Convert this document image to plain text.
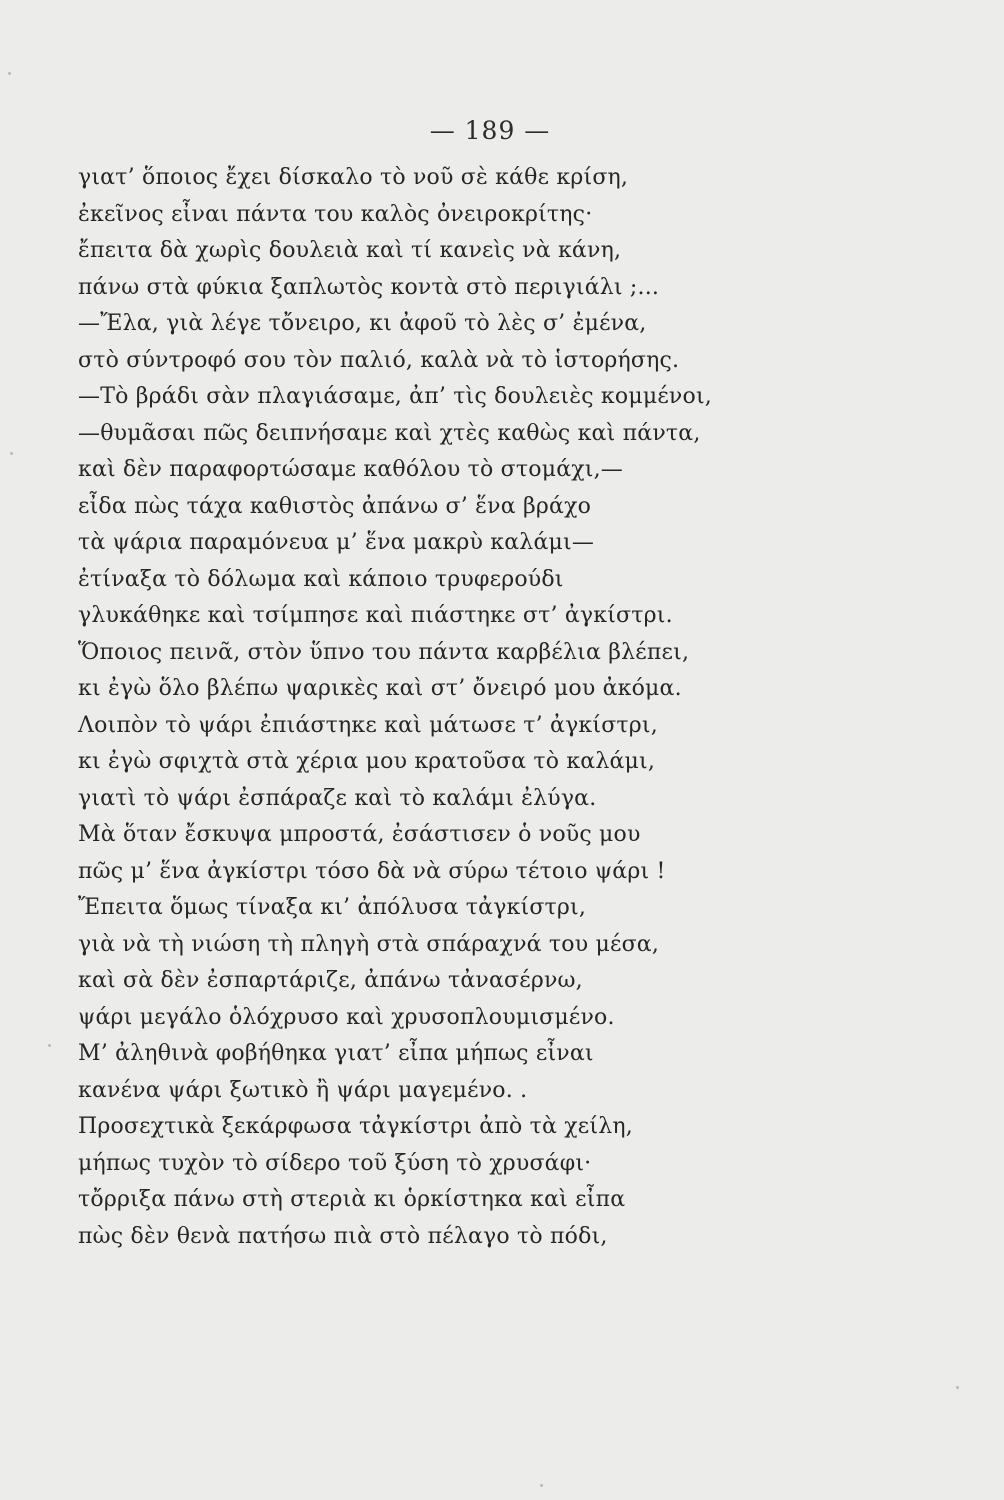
— 189 —
γιατ’ ὅποιος ἔχει δίσκαλο τὸ νοῦ σὲ κάθε κρίση,
ἐκεῖνος εἶναι πάντα του καλὸς ὀνειροκρίτης·
ἔπειτα δὰ χωρὶς δουλειὰ καὶ τί κανεὶς νὰ κάνη,
πάνω στὰ φύκια ξαπλωτὸς κοντὰ στὸ περιγιάλι ;...
—Ἔλα, γιὰ λέγε τὄνειρο, κι ἀφοῦ τὸ λὲς σ’ ἐμένα,
στὸ σύντροφό σου τὸν παλιό, καλὰ νὰ τὸ ἱστορήσης.
—Τὸ βράδι σὰν πλαγιάσαμε, ἀπ’ τὶς δουλειὲς κομμένοι,
—θυμᾶσαι πῶς δειπνήσαμε καὶ χτὲς καθὼς καὶ πάντα,
καὶ δὲν παραφορτώσαμε καθόλου τὸ στομάχι,—
εἶδα πὼς τάχα καθιστὸς ἀπάνω σ’ ἕνα βράχο
τὰ ψάρια παραμόνευα μ’ ἕνα μακρὺ καλάμι—
ἐτίναξα τὸ δόλωμα καὶ κάποιο τρυφερούδι
γλυκάθηκε καὶ τσίμπησε καὶ πιάστηκε στ’ ἀγκίστρι.
Ὅποιος πεινᾶ, στὸν ὕπνο του πάντα καρβέλια βλέπει,
κι ἐγὼ ὅλο βλέπω ψαρικὲς καὶ στ’ ὄνειρό μου ἀκόμα.
Λοιπὸν τὸ ψάρι ἐπιάστηκε καὶ μάτωσε τ’ ἀγκίστρι,
κι ἐγὼ σφιχτὰ στὰ χέρια μου κρατοῦσα τὸ καλάμι,
γιατὶ τὸ ψάρι ἐσπάραζε καὶ τὸ καλάμι ἐλύγα.
Μὰ ὅταν ἔσκυψα μπροστά, ἐσάστισεν ὁ νοῦς μου
πῶς μ’ ἕνα ἀγκίστρι τόσο δὰ νὰ σύρω τέτοιο ψάρι !
Ἔπειτα ὅμως τίναξα κι’ ἀπόλυσα τἀγκίστρι,
γιὰ νὰ τὴ νιώση τὴ πληγὴ στὰ σπάραχνά του μέσα,
καὶ σὰ δὲν ἐσπαρτάριζε, ἀπάνω τἀνασέρνω,
ψάρι μεγάλο ὁλόχρυσο καὶ χρυσοπλουμισμένο.
Μ’ ἀληθινὰ φοβήθηκα γιατ’ εἶπα μήπως εἶναι
κανένα ψάρι ξωτικὸ ἢ ψάρι μαγεμένο. .
Προσεχτικὰ ξεκάρφωσα τἀγκίστρι ἀπὸ τὰ χείλη,
μήπως τυχὸν τὸ σίδερο τοῦ ξύση τὸ χρυσάφι·
τὄρριξα πάνω στὴ στεριὰ κι ὁρκίστηκα καὶ εἶπα
πὼς δὲν θενὰ πατήσω πιὰ στὸ πέλαγο τὸ πόδι,
